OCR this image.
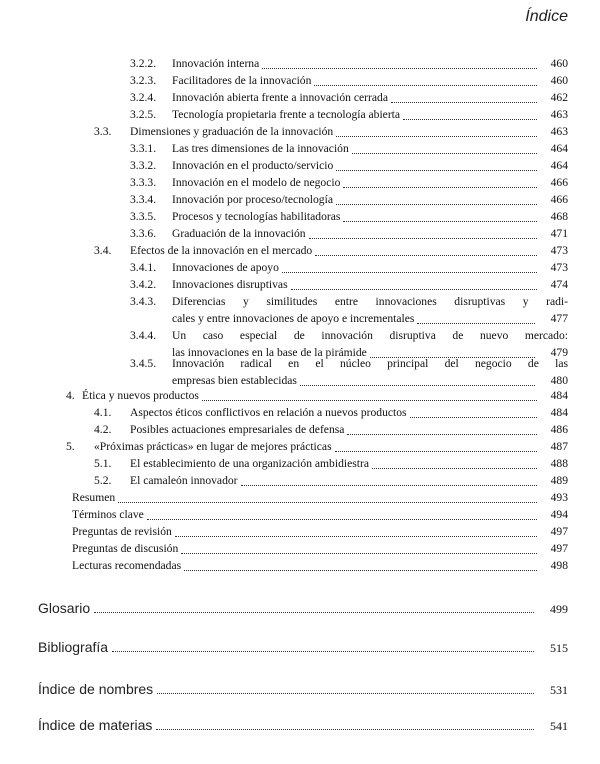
Índice
3.2.2.	Innovación interna	460
3.2.3.	Facilitadores de la innovación	460
3.2.4.	Innovación abierta frente a innovación cerrada	462
3.2.5.	Tecnología propietaria frente a tecnología abierta	463
3.3.	Dimensiones y graduación de la innovación	463
3.3.1.	Las tres dimensiones de la innovación	464
3.3.2.	Innovación en el producto/servicio	464
3.3.3.	Innovación en el modelo de negocio	466
3.3.4.	Innovación por proceso/tecnología	466
3.3.5.	Procesos y tecnologías habilitadoras	468
3.3.6.	Graduación de la innovación	471
3.4.	Efectos de la innovación en el mercado	473
3.4.1.	Innovaciones de apoyo	473
3.4.2.	Innovaciones disruptivas	474
3.4.3. Diferencias y similitudes entre innovaciones disruptivas y radi-
cales y entre innovaciones de apoyo e incrementales	477
3.4.4. Un caso especial de innovación disruptiva de nuevo mercado:
las innovaciones en la base de la pirámide	479
3.4.5. Innovación radical en el núcleo principal del negocio de las
empresas bien establecidas	480
4. Ética y nuevos productos	484
4.1.	Aspectos éticos conflictivos en relación a nuevos productos	484
4.2.	Posibles actuaciones empresariales de defensa	486
5.	«Próximas prácticas» en lugar de mejores prácticas	487
5.1.	El establecimiento de una organización ambidiestra	488
5.2.	El camaleón innovador	489
Resumen	493
Términos clave	494
Preguntas de revisión	497
Preguntas de discusión	497
Lecturas recomendadas	498
Glosario	499
Bibliografía	515
Índice de nombres	531
Índice de materias	541
